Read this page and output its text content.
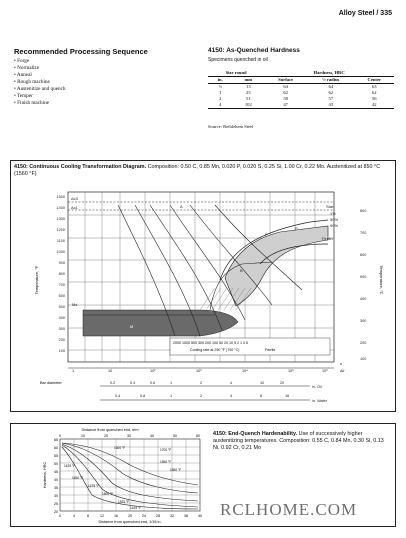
Alloy Steel / 335
Recommended Processing Sequence
• Forge
• Normalize
• Anneal
• Rough machine
• Austenitize and quench
• Temper
• Finish machine
4150: As-Quenched Hardness
Specimens quenched in oil
Size round		Hardness, HRC		
in.	mm	Surface	½ radius	Center
½	13	64	64	63
1	25	62	62	62
2	51	58	57	56
4	102	47	43	42
Source: Bethlehem Steel
4150: Continuous Cooling Transformation Diagram. Composition: 0.50 C, 0.85 Mn, 0.020 P, 0.020 S, 0.25 Si, 1.00 Cr, 0.22 Mo. Austenitized at 850 °C (1560 °F)
1500
1400
1300
1200
1100
1000
900
800
700
600
500
400
300
200
100
Temperature, °F
800
700
600
500
400
300
200
100
Temperature, °C
Ac3
Ac1	A	Start
1%
50%
90%
Finish
F
P
B
Ms
M
2000 1000 500 300 200 100 50 20 10 5 2 1 0.5
Cooling rate at 290 °F (700 °C)	Ferrite
1	10	10²	10³	10⁴	10⁵	10⁶
s
Air
Bar diameter	0.2	0.4	0.6	1	2	4	10	20
in. Oil
0.4	0.8	1	2	4	8	16
in. Water
4150: End-Quench Hardenability. Use of successively higher austenitizing temperatures. Composition: 0.55 C, 0.84 Mn, 0.30 Si, 0.13 Ni, 0.92 Cr, 0.21 Mo
Distance from quenched end, mm
0	10	20	30	40	50	60
65
60
55
50
45
40
35
30
25
20
Hardness, HRC
1600 °F
1550 °F
1700 °F
1550 °F
1425 °F
1450 °F
1475 °F
1500 °F
1525 °F
1425 °F
0	4	8	12	16	20	24	28	32	36	40
Distance from quenched end, 1/16 in.
RCLHOME.COM
